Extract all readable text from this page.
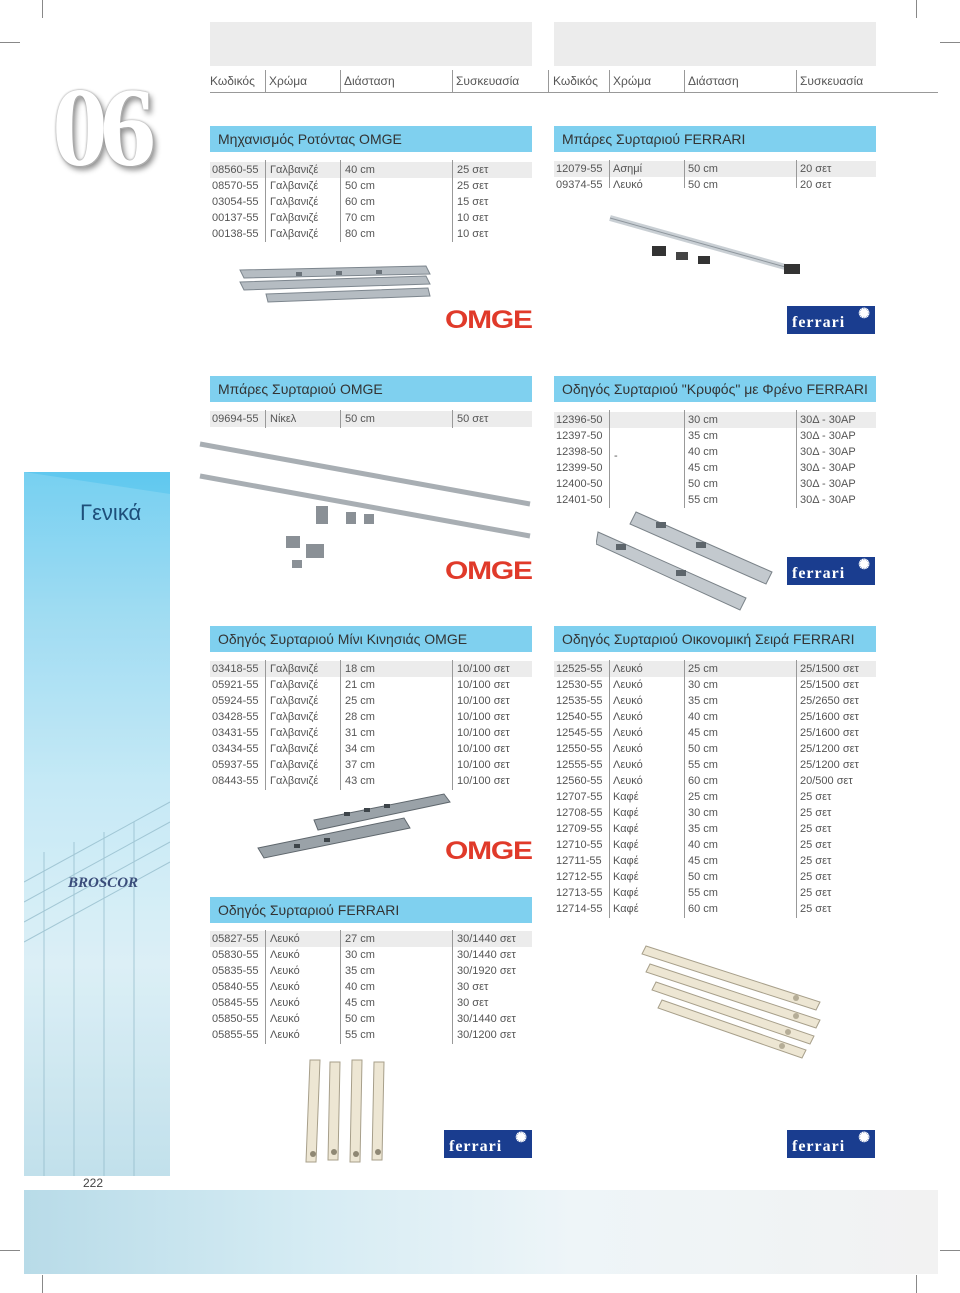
Κωδικός Χρώμα	Διάσταση	Συσκευασία	Κωδικός Χρώμα	Διάσταση	Συσκευασία
06
Γενικά
BROSCOR
222
Μηχανισμός Ροτόντας OMGE
08560-55 Γαλβανιζέ 40 cm	25 σετ
08570-55 Γαλβανιζέ 50 cm	25 σετ
03054-55 Γαλβανιζέ 60 cm	15 σετ
00137-55 Γαλβανιζέ 70 cm	10 σετ
00138-55 Γαλβανιζέ 80 cm	10 σετ
OMGE
Μπάρες Συρταριού FERRARI
12079-55 Ασημί	50 cm	20 σετ
09374-55 Λευκό	50 cm	20 σετ
ferrari ✺
Μπάρες Συρταριού OMGE
09694-55 Νίκελ	50 cm	50 σετ
OMGE
Οδηγός Συρταριού "Κρυφός" με Φρένο FERRARI
12396-50	30 cm	30Δ - 30ΑΡ
12397-50	35 cm	30Δ - 30ΑΡ
12398-50	40 cm	30Δ - 30ΑΡ
12399-50	45 cm	30Δ - 30ΑΡ
12400-50	50 cm	30Δ - 30ΑΡ
12401-50	55 cm	30Δ - 30ΑΡ
-
ferrari ✺
Οδηγός Συρταριού Μίνι Κινησιάς OMGE
03418-55 Γαλβανιζέ 18 cm	10/100 σετ
05921-55 Γαλβανιζέ 21 cm	10/100 σετ
05924-55 Γαλβανιζέ 25 cm	10/100 σετ
03428-55 Γαλβανιζέ 28 cm	10/100 σετ
03431-55 Γαλβανιζέ 31 cm	10/100 σετ
03434-55 Γαλβανιζέ 34 cm	10/100 σετ
05937-55 Γαλβανιζέ 37 cm	10/100 σετ
08443-55 Γαλβανιζέ 43 cm	10/100 σετ
OMGE
Οδηγός Συρταριού Οικονομική Σειρά FERRARI
12525-55 Λευκό	25 cm	25/1500 σετ
12530-55 Λευκό	30 cm	25/1500 σετ
12535-55 Λευκό	35 cm	25/2650 σετ
12540-55 Λευκό	40 cm	25/1600 σετ
12545-55 Λευκό	45 cm	25/1600 σετ
12550-55 Λευκό	50 cm	25/1200 σετ
12555-55 Λευκό	55 cm	25/1200 σετ
12560-55 Λευκό	60 cm	20/500 σετ
12707-55 Καφέ	25 cm	25 σετ
12708-55 Καφέ	30 cm	25 σετ
12709-55 Καφέ	35 cm	25 σετ
12710-55 Καφέ	40 cm	25 σετ
12711-55 Καφέ	45 cm	25 σετ
12712-55 Καφέ	50 cm	25 σετ
12713-55 Καφέ	55 cm	25 σετ
12714-55 Καφέ	60 cm	25 σετ
ferrari ✺
Οδηγός Συρταριού FERRARI
05827-55 Λευκό	27 cm	30/1440 σετ
05830-55 Λευκό	30 cm	30/1440 σετ
05835-55 Λευκό	35 cm	30/1920 σετ
05840-55 Λευκό	40 cm	30 σετ
05845-55 Λευκό	45 cm	30 σετ
05850-55 Λευκό	50 cm	30/1440 σετ
05855-55 Λευκό	55 cm	30/1200 σετ
ferrari ✺
